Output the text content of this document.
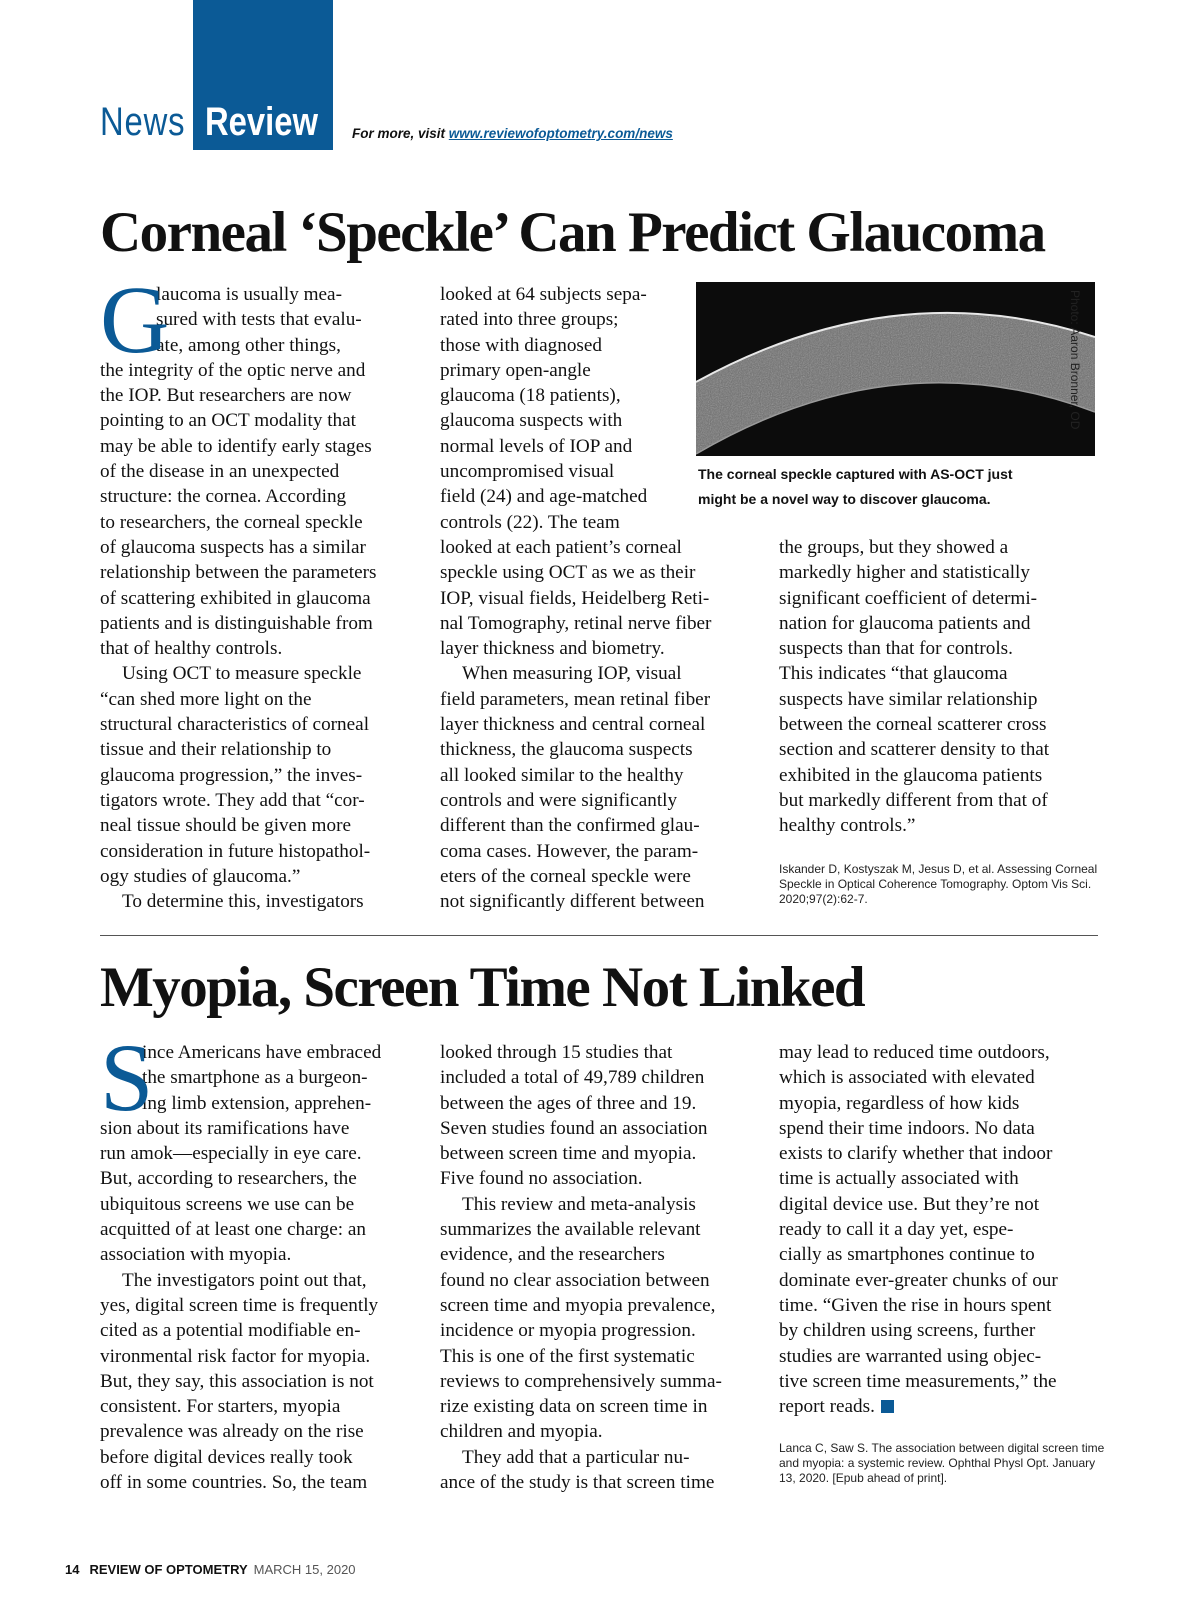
News Review	For more, visit www.reviewofoptometry.com/news
Corneal ‘Speckle’ Can Predict Glaucoma
G
laucoma is usually mea-
sured with tests that evalu-
ate, among other things,
the integrity of the optic nerve and
the IOP. But researchers are now
pointing to an OCT modality that
may be able to identify early stages
of the disease in an unexpected
structure: the cornea. According
to researchers, the corneal speckle
of glaucoma suspects has a similar
relationship between the parameters
of scattering exhibited in glaucoma
patients and is distinguishable from
that of healthy controls.
Using OCT to measure speckle
“can shed more light on the
structural characteristics of corneal
tissue and their relationship to
glaucoma progression,” the inves-
tigators wrote. They add that “cor-
neal tissue should be given more
consideration in future histopathol-
ogy studies of glaucoma.”
To determine this, investigators
looked at 64 subjects sepa-
rated into three groups;
those with diagnosed
primary open-angle
glaucoma (18 patients),
glaucoma suspects with
normal levels of IOP and
uncompromised visual
field (24) and age-matched
controls (22). The team
looked at each patient’s corneal
speckle using OCT as we as their
IOP, visual fields, Heidelberg Reti-
nal Tomography, retinal nerve fiber
layer thickness and biometry.
When measuring IOP, visual
field parameters, mean retinal fiber
layer thickness and central corneal
thickness, the glaucoma suspects
all looked similar to the healthy
controls and were significantly
different than the confirmed glau-
coma cases. However, the param-
eters of the corneal speckle were
not significantly different between
Photo: Aaron Bronner, OD
The corneal speckle captured with AS-OCT just
might be a novel way to discover glaucoma.
the groups, but they showed a
markedly higher and statistically
significant coefficient of determi-
nation for glaucoma patients and
suspects than that for controls.
This indicates “that glaucoma
suspects have similar relationship
between the corneal scatterer cross
section and scatterer density to that
exhibited in the glaucoma patients
but markedly different from that of
healthy controls.”
Iskander D, Kostyszak M, Jesus D, et al. Assessing Corneal
Speckle in Optical Coherence Tomography. Optom Vis Sci.
2020;97(2):62-7.
Myopia, Screen Time Not Linked
S
ince Americans have embraced
the smartphone as a burgeon-
ing limb extension, apprehen-
sion about its ramifications have
run amok—especially in eye care.
But, according to researchers, the
ubiquitous screens we use can be
acquitted of at least one charge: an
association with myopia.
The investigators point out that,
yes, digital screen time is frequently
cited as a potential modifiable en-
vironmental risk factor for myopia.
But, they say, this association is not
consistent. For starters, myopia
prevalence was already on the rise
before digital devices really took
off in some countries. So, the team
looked through 15 studies that
included a total of 49,789 children
between the ages of three and 19.
Seven studies found an association
between screen time and myopia.
Five found no association.
This review and meta-analysis
summarizes the available relevant
evidence, and the researchers
found no clear association between
screen time and myopia prevalence,
incidence or myopia progression.
This is one of the first systematic
reviews to comprehensively summa-
rize existing data on screen time in
children and myopia.
They add that a particular nu-
ance of the study is that screen time
may lead to reduced time outdoors,
which is associated with elevated
myopia, regardless of how kids
spend their time indoors. No data
exists to clarify whether that indoor
time is actually associated with
digital device use. But they’re not
ready to call it a day yet, espe-
cially as smartphones continue to
dominate ever-greater chunks of our
time. “Given the rise in hours spent
by children using screens, further
studies are warranted using objec-
tive screen time measurements,” the
report reads.
Lanca C, Saw S. The association between digital screen time
and myopia: a systemic review. Ophthal Physl Opt. January
13, 2020. [Epub ahead of print].
14 REVIEW OF OPTOMETRY MARCH 15, 2020
